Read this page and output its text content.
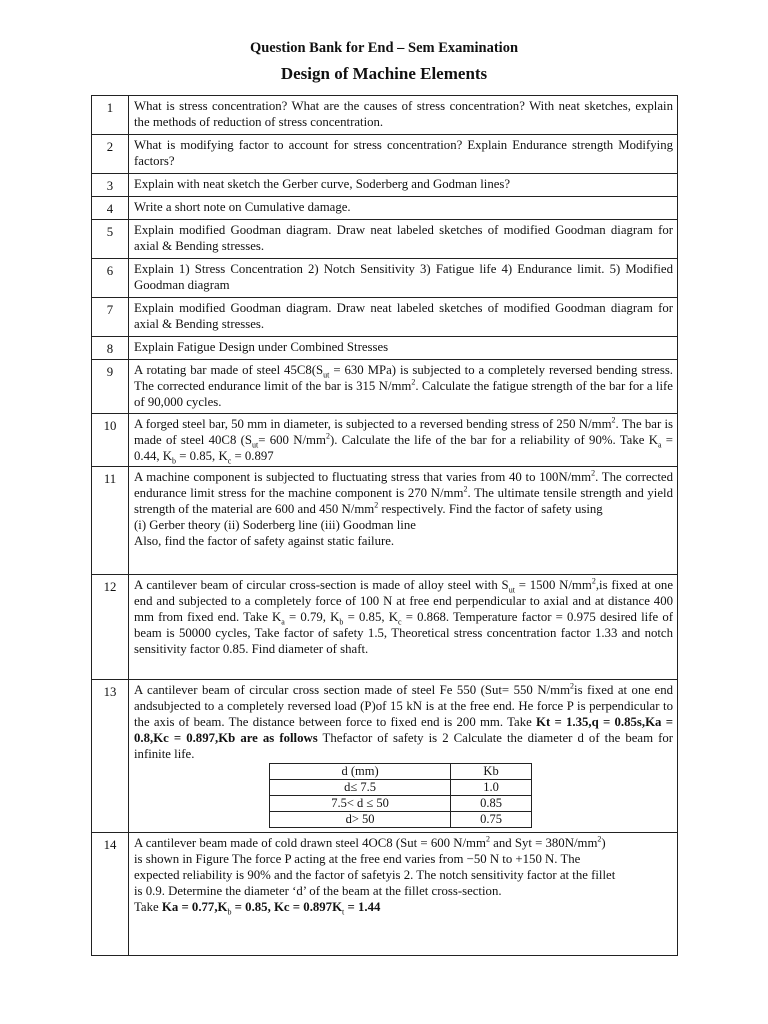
Question Bank for End – Sem Examination
Design of Machine Elements
1	What is stress concentration? What are the causes of stress concentration? With neat sketches, explain the methods of reduction of stress concentration.
2	What is modifying factor to account for stress concentration? Explain Endurance strength Modifying factors?
3	Explain with neat sketch the Gerber curve, Soderberg and Godman lines?
4	Write a short note on Cumulative damage.
5	Explain modified Goodman diagram. Draw neat labeled sketches of modified Goodman diagram for axial & Bending stresses.
6	Explain 1) Stress Concentration 2) Notch Sensitivity 3) Fatigue life 4) Endurance limit. 5) Modified Goodman diagram
7	Explain modified Goodman diagram. Draw neat labeled sketches of modified Goodman diagram for axial & Bending stresses.
8	Explain Fatigue Design under Combined Stresses
9	A rotating bar made of steel $45C8(S_{ut} = 630$ MPa) is subjected to a completely reversed bending stress. The corrected endurance limit of the bar is 315 $N/mm^2$. Calculate the fatigue strength of the bar for a life of 90,000 cycles.
10	A forged steel bar, 50 mm in diameter, is subjected to a reversed bending stress of 250 $N/mm^2$. The bar is made of steel 40C8 ($S_{ut}= 600$ $N/mm^2$). Calculate the life of the bar for a reliability of 90%. Take $K_a = 0.44$, $K_b = 0.85$, $K_c = 0.897$
11	A machine component is subjected to fluctuating stress that varies from 40 to $100N/mm^2$. The corrected endurance limit stress for the machine component is 270 $N/mm^2$. The ultimate tensile strength and yield strength of the material are 600 and 450 $N/mm^2$ respectively. Find the factor of safety using

(i) Gerber theory (ii) Soderberg line (iii) Goodman line

Also, find the factor of safety against static failure.

12	A cantilever beam of circular cross-section is made of alloy steel with $S_{ut} = 1500$ $N/mm^2,is$ fixed at one end and subjected to a completely force of 100 N at free end perpendicular to axial and at distance 400 mm from fixed end. Take $K_a = 0.79$, $K_b = 0.85$, $K_c = 0.868$. Temperature factor = 0.975 desired life of beam is 50000 cycles, Take factor of safety 1.5, Theoretical stress concentration factor 1.33 and notch sensitivity factor 0.85. Find diameter of shaft.
13	A cantilever beam of circular cross section made of steel Fe 550 (Sut= 550 $N/mm^2is$ fixed at one end andsubjected to a completely reversed load (P)of 15 kN is at the free end. He force P is perpendicular to the axis of beam. The distance between force to fixed end is 200 mm. Take Kt = 1.35,q = 0.85s,Ka = 0.8,Kc = 0.897,Kb are as follows Thefactor of safety is 2 Calculate the diameter d of the beam for infinite life.

d (mm)	Kb
d≤ 7.5	1.0
7.5< d ≤ 50	0.85
d> 50	0.75

14	A cantilever beam made of cold drawn steel 4OC8 (Sut = 600 $N/mm^2$ and Syt = $380N/mm^2$)

is shown in Figure The force P acting at the free end varies from −50 N to +150 N. The

expected reliability is 90% and the factor of safetyis 2. The notch sensitivity factor at the fillet

is 0.9. Determine the diameter ‘d’ of the beam at the fillet cross-section.

Take $Ka = 0.77,K_b = 0.85$, $Kc = 0.897K_t = 1.44$
